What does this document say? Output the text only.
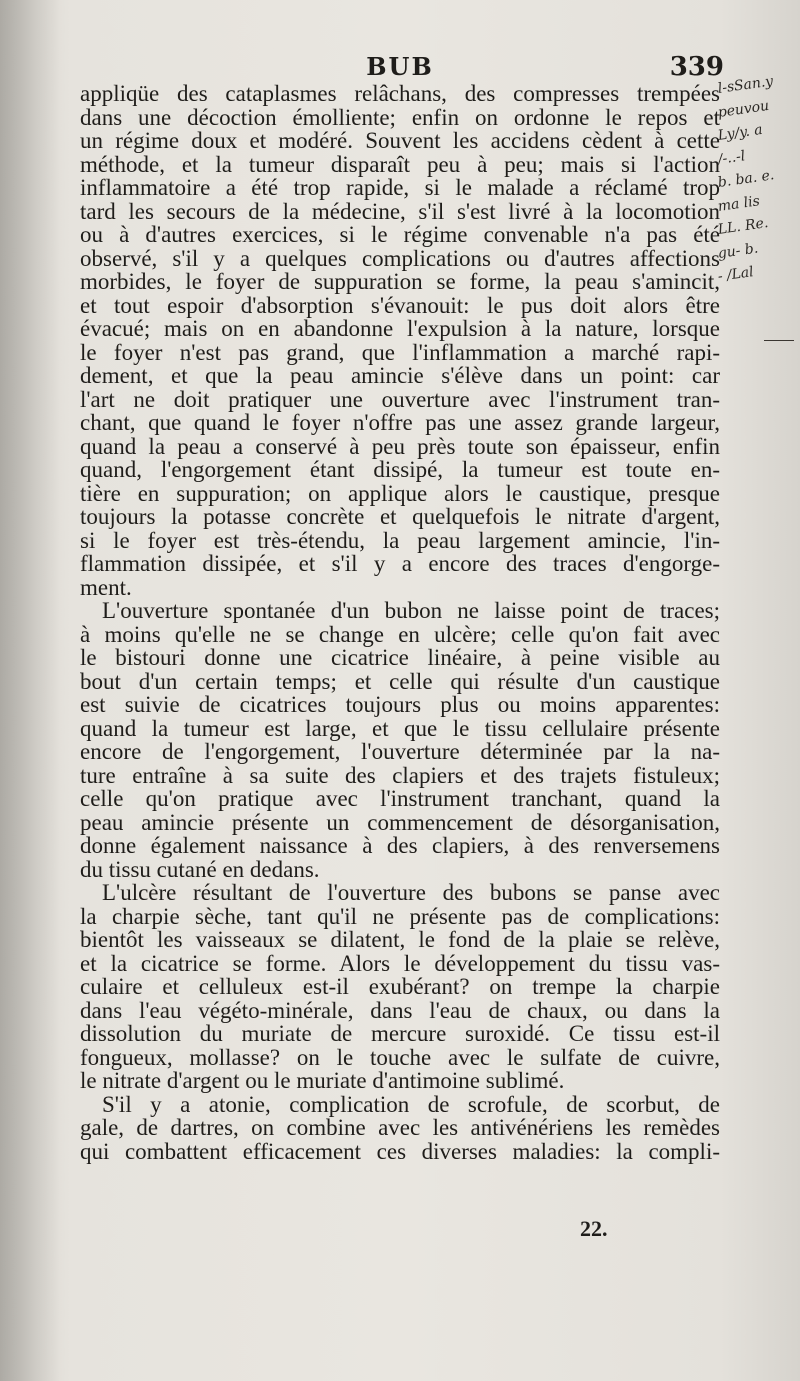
BUB	339
appliqüe des cataplasmes relâchans, des compresses trempées
dans une décoction émolliente; enfin on ordonne le repos et
un régime doux et modéré. Souvent les accidens cèdent à cette
méthode, et la tumeur disparaît peu à peu; mais si l'action
inflammatoire a été trop rapide, si le malade a réclamé trop
tard les secours de la médecine, s'il s'est livré à la locomotion
ou à d'autres exercices, si le régime convenable n'a pas été
observé, s'il y a quelques complications ou d'autres affections
morbides, le foyer de suppuration se forme, la peau s'amincit,
et tout espoir d'absorption s'évanouit: le pus doit alors être
évacué; mais on en abandonne l'expulsion à la nature, lorsque
le foyer n'est pas grand, que l'inflammation a marché rapi-
dement, et que la peau amincie s'élève dans un point: car
l'art ne doit pratiquer une ouverture avec l'instrument tran-
chant, que quand le foyer n'offre pas une assez grande largeur,
quand la peau a conservé à peu près toute son épaisseur, enfin
quand, l'engorgement étant dissipé, la tumeur est toute en-
tière en suppuration; on applique alors le caustique, presque
toujours la potasse concrète et quelquefois le nitrate d'argent,
si le foyer est très-étendu, la peau largement amincie, l'in-
flammation dissipée, et s'il y a encore des traces d'engorge-
ment.
L'ouverture spontanée d'un bubon ne laisse point de traces;
à moins qu'elle ne se change en ulcère; celle qu'on fait avec
le bistouri donne une cicatrice linéaire, à peine visible au
bout d'un certain temps; et celle qui résulte d'un caustique
est suivie de cicatrices toujours plus ou moins apparentes:
quand la tumeur est large, et que le tissu cellulaire présente
encore de l'engorgement, l'ouverture déterminée par la na-
ture entraîne à sa suite des clapiers et des trajets fistuleux;
celle qu'on pratique avec l'instrument tranchant, quand la
peau amincie présente un commencement de désorganisation,
donne également naissance à des clapiers, à des renversemens
du tissu cutané en dedans.
L'ulcère résultant de l'ouverture des bubons se panse avec
la charpie sèche, tant qu'il ne présente pas de complications:
bientôt les vaisseaux se dilatent, le fond de la plaie se relève,
et la cicatrice se forme. Alors le développement du tissu vas-
culaire et celluleux est-il exubérant? on trempe la charpie
dans l'eau végéto-minérale, dans l'eau de chaux, ou dans la
dissolution du muriate de mercure suroxidé. Ce tissu est-il
fongueux, mollasse? on le touche avec le sulfate de cuivre,
le nitrate d'argent ou le muriate d'antimoine sublimé.
S'il y a atonie, complication de scrofule, de scorbut, de
gale, de dartres, on combine avec les antivénériens les remèdes
qui combattent efficacement ces diverses maladies: la compli-
22.
l-sSan.y
peuvou
Ly/y. a
/-..-l
b. ba. e.
ma lis
LL. Re.
gu- b.
- /Lal
